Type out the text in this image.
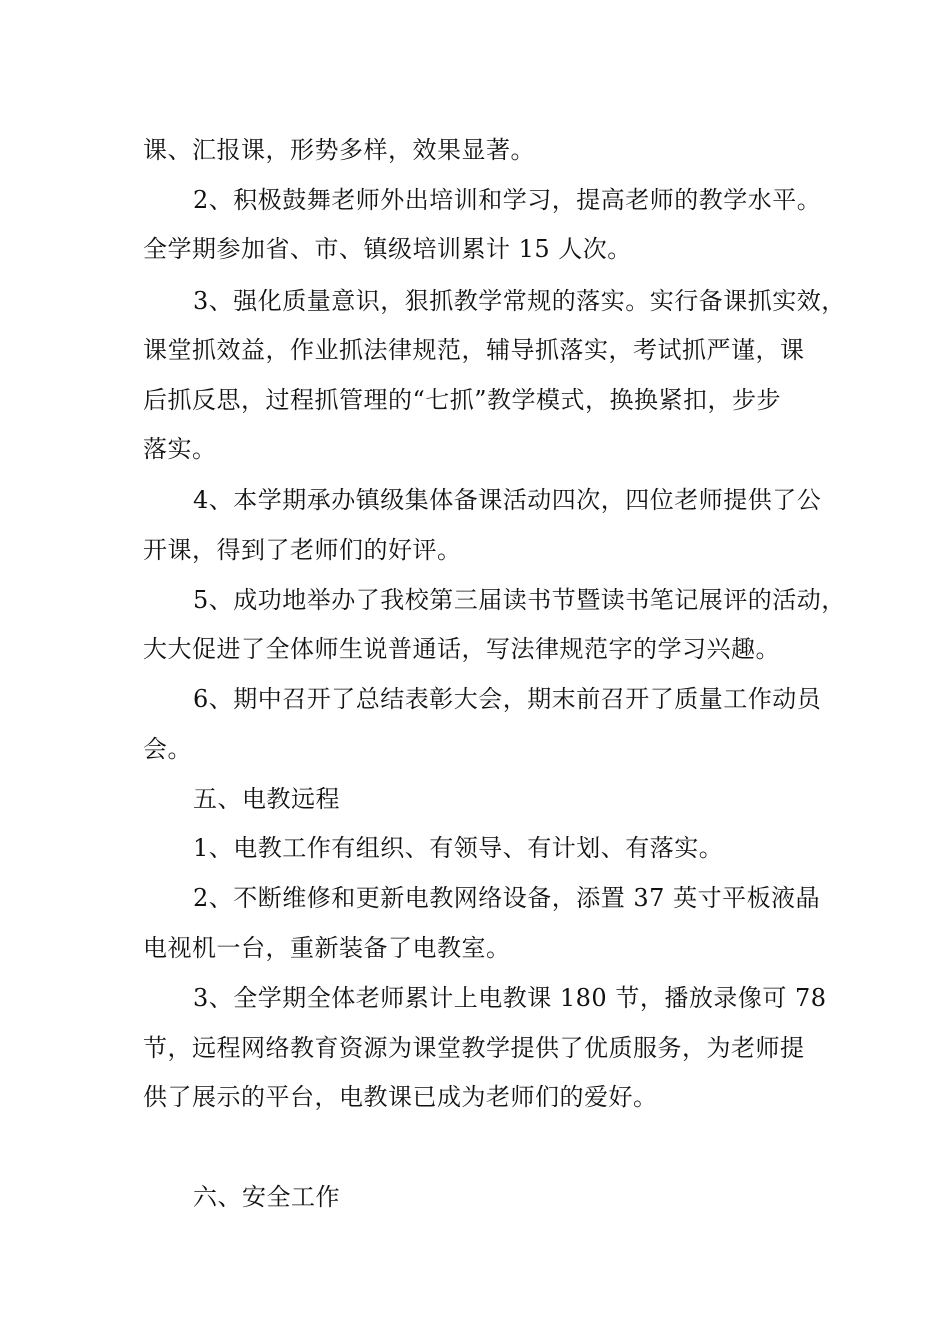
课、汇报课，形势多样，效果显著。
2、积极鼓舞老师外出培训和学习，提高老师的教学水平。
全学期参加省、市、镇级培训累计 15 人次。
3、强化质量意识，狠抓教学常规的落实。实行备课抓实效，
课堂抓效益，作业抓法律规范，辅导抓落实，考试抓严谨，课
后抓反思，过程抓管理的“七抓”教学模式，换换紧扣，步步
落实。
4、本学期承办镇级集体备课活动四次，四位老师提供了公
开课，得到了老师们的好评。
5、成功地举办了我校第三届读书节暨读书笔记展评的活动，
大大促进了全体师生说普通话，写法律规范字的学习兴趣。
6、期中召开了总结表彰大会，期末前召开了质量工作动员
会。
五、电教远程
1、电教工作有组织、有领导、有计划、有落实。
2、不断维修和更新电教网络设备，添置 37 英寸平板液晶
电视机一台，重新装备了电教室。
3、全学期全体老师累计上电教课 180 节，播放录像可 78
节，远程网络教育资源为课堂教学提供了优质服务，为老师提
供了展示的平台，电教课已成为老师们的爱好。
六、安全工作
